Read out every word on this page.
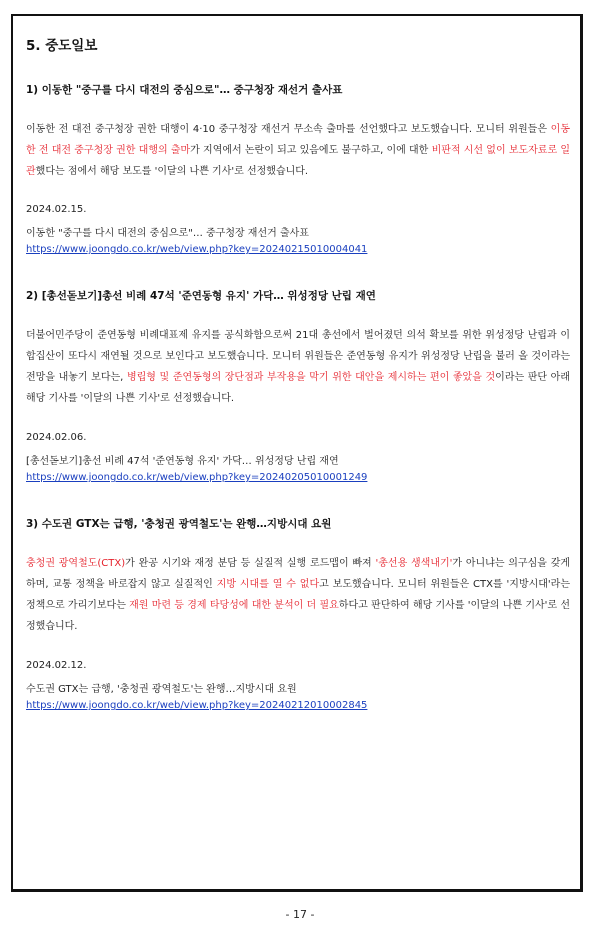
5. 중도일보
1) 이동한 "중구를 다시 대전의 중심으로"… 중구청장 재선거 출사표
이동한 전 대전 중구청장 권한 대행이 4·10 중구청장 재선거 무소속 출마를 선언했다고 보도했습니다. 모니터 위원들은 이동한 전 대전 중구청장 권한 대행의 출마가 지역에서 논란이 되고 있음에도 불구하고, 이에 대한 비판적 시선 없이 보도자료로 일관했다는 점에서 해당 보도를 '이달의 나쁜 기사'로 선정했습니다.
2024.02.15.
이동한 "중구를 다시 대전의 중심으로"… 중구청장 재선거 출사표
https://www.joongdo.co.kr/web/view.php?key=20240215010004041
2) [총선돋보기]총선 비례 47석 '준연동형 유지' 가닥… 위성정당 난립 재연
더불어민주당이 준연동형 비례대표제 유지를 공식화함으로써 21대 총선에서 벌어졌던 의석 확보를 위한 위성정당 난립과 이합집산이 또다시 재연될 것으로 보인다고 보도했습니다. 모니터 위원들은 준연동형 유지가 위성정당 난립을 불러 올 것이라는 전망을 내놓기 보다는, 병립형 및 준연동형의 장단점과 부작용을 막기 위한 대안을 제시하는 편이 좋았을 것이라는 판단 아래 해당 기사를 '이달의 나쁜 기사'로 선정했습니다.
2024.02.06.
[총선돋보기]총선 비례 47석 '준연동형 유지' 가닥… 위성정당 난립 재연
https://www.joongdo.co.kr/web/view.php?key=20240205010001249
3) 수도권 GTX는 급행, '충청권 광역철도'는 완행…지방시대 요원
충청권 광역철도(CTX)가 완공 시기와 재정 분담 등 실질적 실행 로드맵이 빠져 '총선용 생색내기'가 아니냐는 의구심을 갖게 하며, 교통 정책을 바로잡지 않고 실질적인 지방 시대를 열 수 없다고 보도했습니다. 모니터 위원들은 CTX를 '지방시대'라는 정책으로 가리기보다는 재원 마련 등 경제 타당성에 대한 분석이 더 필요하다고 판단하여 해당 기사를 '이달의 나쁜 기사'로 선정했습니다.
2024.02.12.
수도권 GTX는 급행, '충청권 광역철도'는 완행…지방시대 요원
https://www.joongdo.co.kr/web/view.php?key=20240212010002845
- 17 -
